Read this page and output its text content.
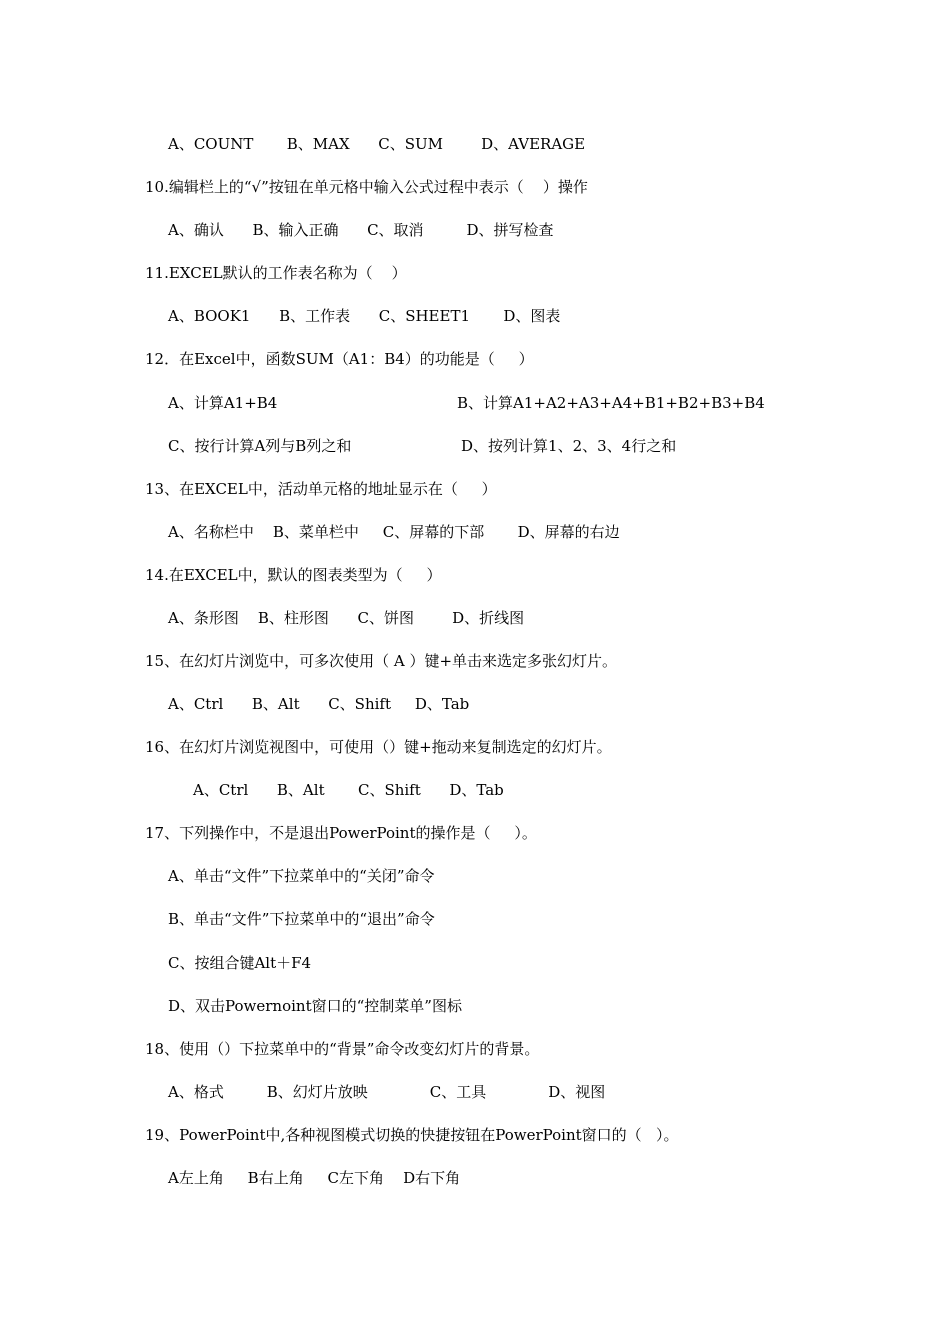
A、COUNT       B、MAX      C、SUM        D、AVERAGE
10.编辑栏上的“√”按钮在单元格中输入公式过程中表示（    ）操作
A、确认      B、输入正确      C、取消         D、拼写检查
11.EXCEL默认的工作表名称为（    ）
A、BOOK1      B、工作表      C、SHEET1       D、图表
12．在Excel中，函数SUM（A1：B4）的功能是（     ）
A、计算A1+B4	B、计算A1+A2+A3+A4+B1+B2+B3+B4
C、按行计算A列与B列之和	D、按列计算1、2、3、4行之和
13、在EXCEL中，活动单元格的地址显示在（     ）
A、名称栏中    B、菜单栏中     C、屏幕的下部       D、屏幕的右边
14.在EXCEL中，默认的图表类型为（     ）
A、条形图    B、柱形图      C、饼图        D、折线图
15、在幻灯片浏览中，可多次使用（ A ）键+单击来选定多张幻灯片。
A、Ctrl      B、Alt      C、Shift     D、Tab
16、在幻灯片浏览视图中，可使用（）键+拖动来复制选定的幻灯片。
A、Ctrl      B、Alt       C、Shift      D、Tab
17、下列操作中，不是退出PowerPoint的操作是（     ）。
A、单击“文件”下拉菜单中的“关闭”命令
B、单击“文件”下拉菜单中的“退出”命令
C、按组合键Alt＋F4
D、双击Powernoint窗口的“控制菜单”图标
18、使用（）下拉菜单中的“背景”命令改变幻灯片的背景。
A、格式         B、幻灯片放映             C、工具             D、视图
19、PowerPoint中,各种视图模式切换的快捷按钮在PowerPoint窗口的（   ）。
A左上角     B右上角     C左下角    D右下角
